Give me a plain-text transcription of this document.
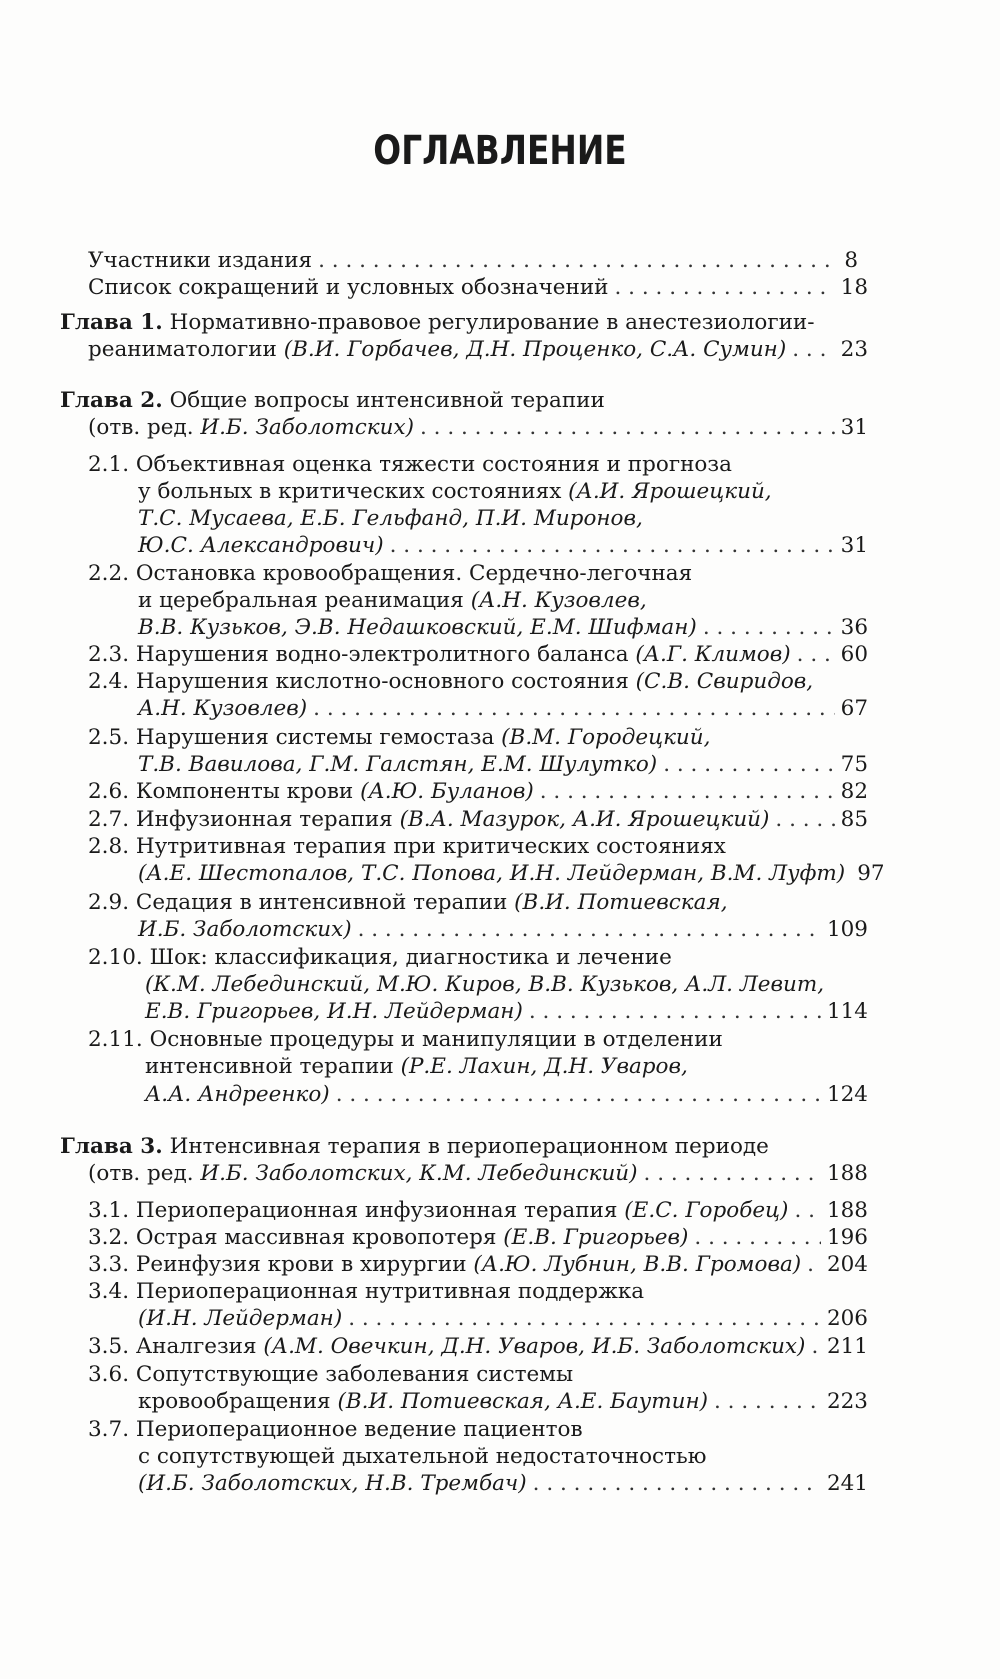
ОГЛАВЛЕНИЕ
Участники издания . . .	8
Список сокращений и условных обозначений . . .	18
Глава 1. Нормативно-правовое регулирование в анестезиологии-
реаниматологии (В.И. Горбачев, Д.Н. Проценко, С.А. Сумин) . . .	23
Глава 2. Общие вопросы интенсивной терапии
(отв. ред. И.Б. Заболотских) . . .	31
2.1. Объективная оценка тяжести состояния и прогноза
у больных в критических состояниях (А.И. Ярошецкий,
Т.С. Мусаева, Е.Б. Гельфанд, П.И. Миронов,
Ю.С. Александрович) . . .	31
2.2. Остановка кровообращения. Сердечно-легочная
и церебральная реанимация (А.Н. Кузовлев,
В.В. Кузьков, Э.В. Недашковский, Е.М. Шифман) . . .	36
2.3. Нарушения водно-электролитного баланса (А.Г. Климов) . . . 60
2.4. Нарушения кислотно-основного состояния (С.В. Свиридов,
А.Н. Кузовлев) . . .	67
2.5. Нарушения системы гемостаза (В.М. Городецкий,
Т.В. Вавилова, Г.М. Галстян, Е.М. Шулутко) . . .	75
2.6. Компоненты крови (А.Ю. Буланов) . . .	82
2.7. Инфузионная терапия (В.А. Мазурок, А.И. Ярошецкий) . . .	85
2.8. Нутритивная терапия при критических состояниях
(А.Е. Шестопалов, Т.С. Попова, И.Н. Лейдерман, В.М. Луфт) 97
2.9. Седация в интенсивной терапии (В.И. Потиевская,
И.Б. Заболотских) . . .	109
2.10. Шок: классификация, диагностика и лечение
(К.М. Лебединский, М.Ю. Киров, В.В. Кузьков, А.Л. Левит,
Е.В. Григорьев, И.Н. Лейдерман) . . .	114
2.11. Основные процедуры и манипуляции в отделении
интенсивной терапии (Р.Е. Лахин, Д.Н. Уваров,
А.А. Андреенко) . . .	124
Глава 3. Интенсивная терапия в периоперационном периоде
(отв. ред. И.Б. Заболотских, К.М. Лебединский) . . .	188
3.1. Периоперационная инфузионная терапия (Е.С. Горобец) . . . 188
3.2. Острая массивная кровопотеря (Е.В. Григорьев) . . .	196
3.3. Реинфузия крови в хирургии (А.Ю. Лубнин, В.В. Громова) . . . 204
3.4. Периоперационная нутритивная поддержка
(И.Н. Лейдерман) . . .	206
3.5. Аналгезия (А.М. Овечкин, Д.Н. Уваров, И.Б. Заболотских) . . . 211
3.6. Сопутствующие заболевания системы
кровообращения (В.И. Потиевская, А.Е. Баутин) . . .	223
3.7. Периоперационное ведение пациентов
с сопутствующей дыхательной недостаточностью
(И.Б. Заболотских, Н.В. Трембач) . . .	241
